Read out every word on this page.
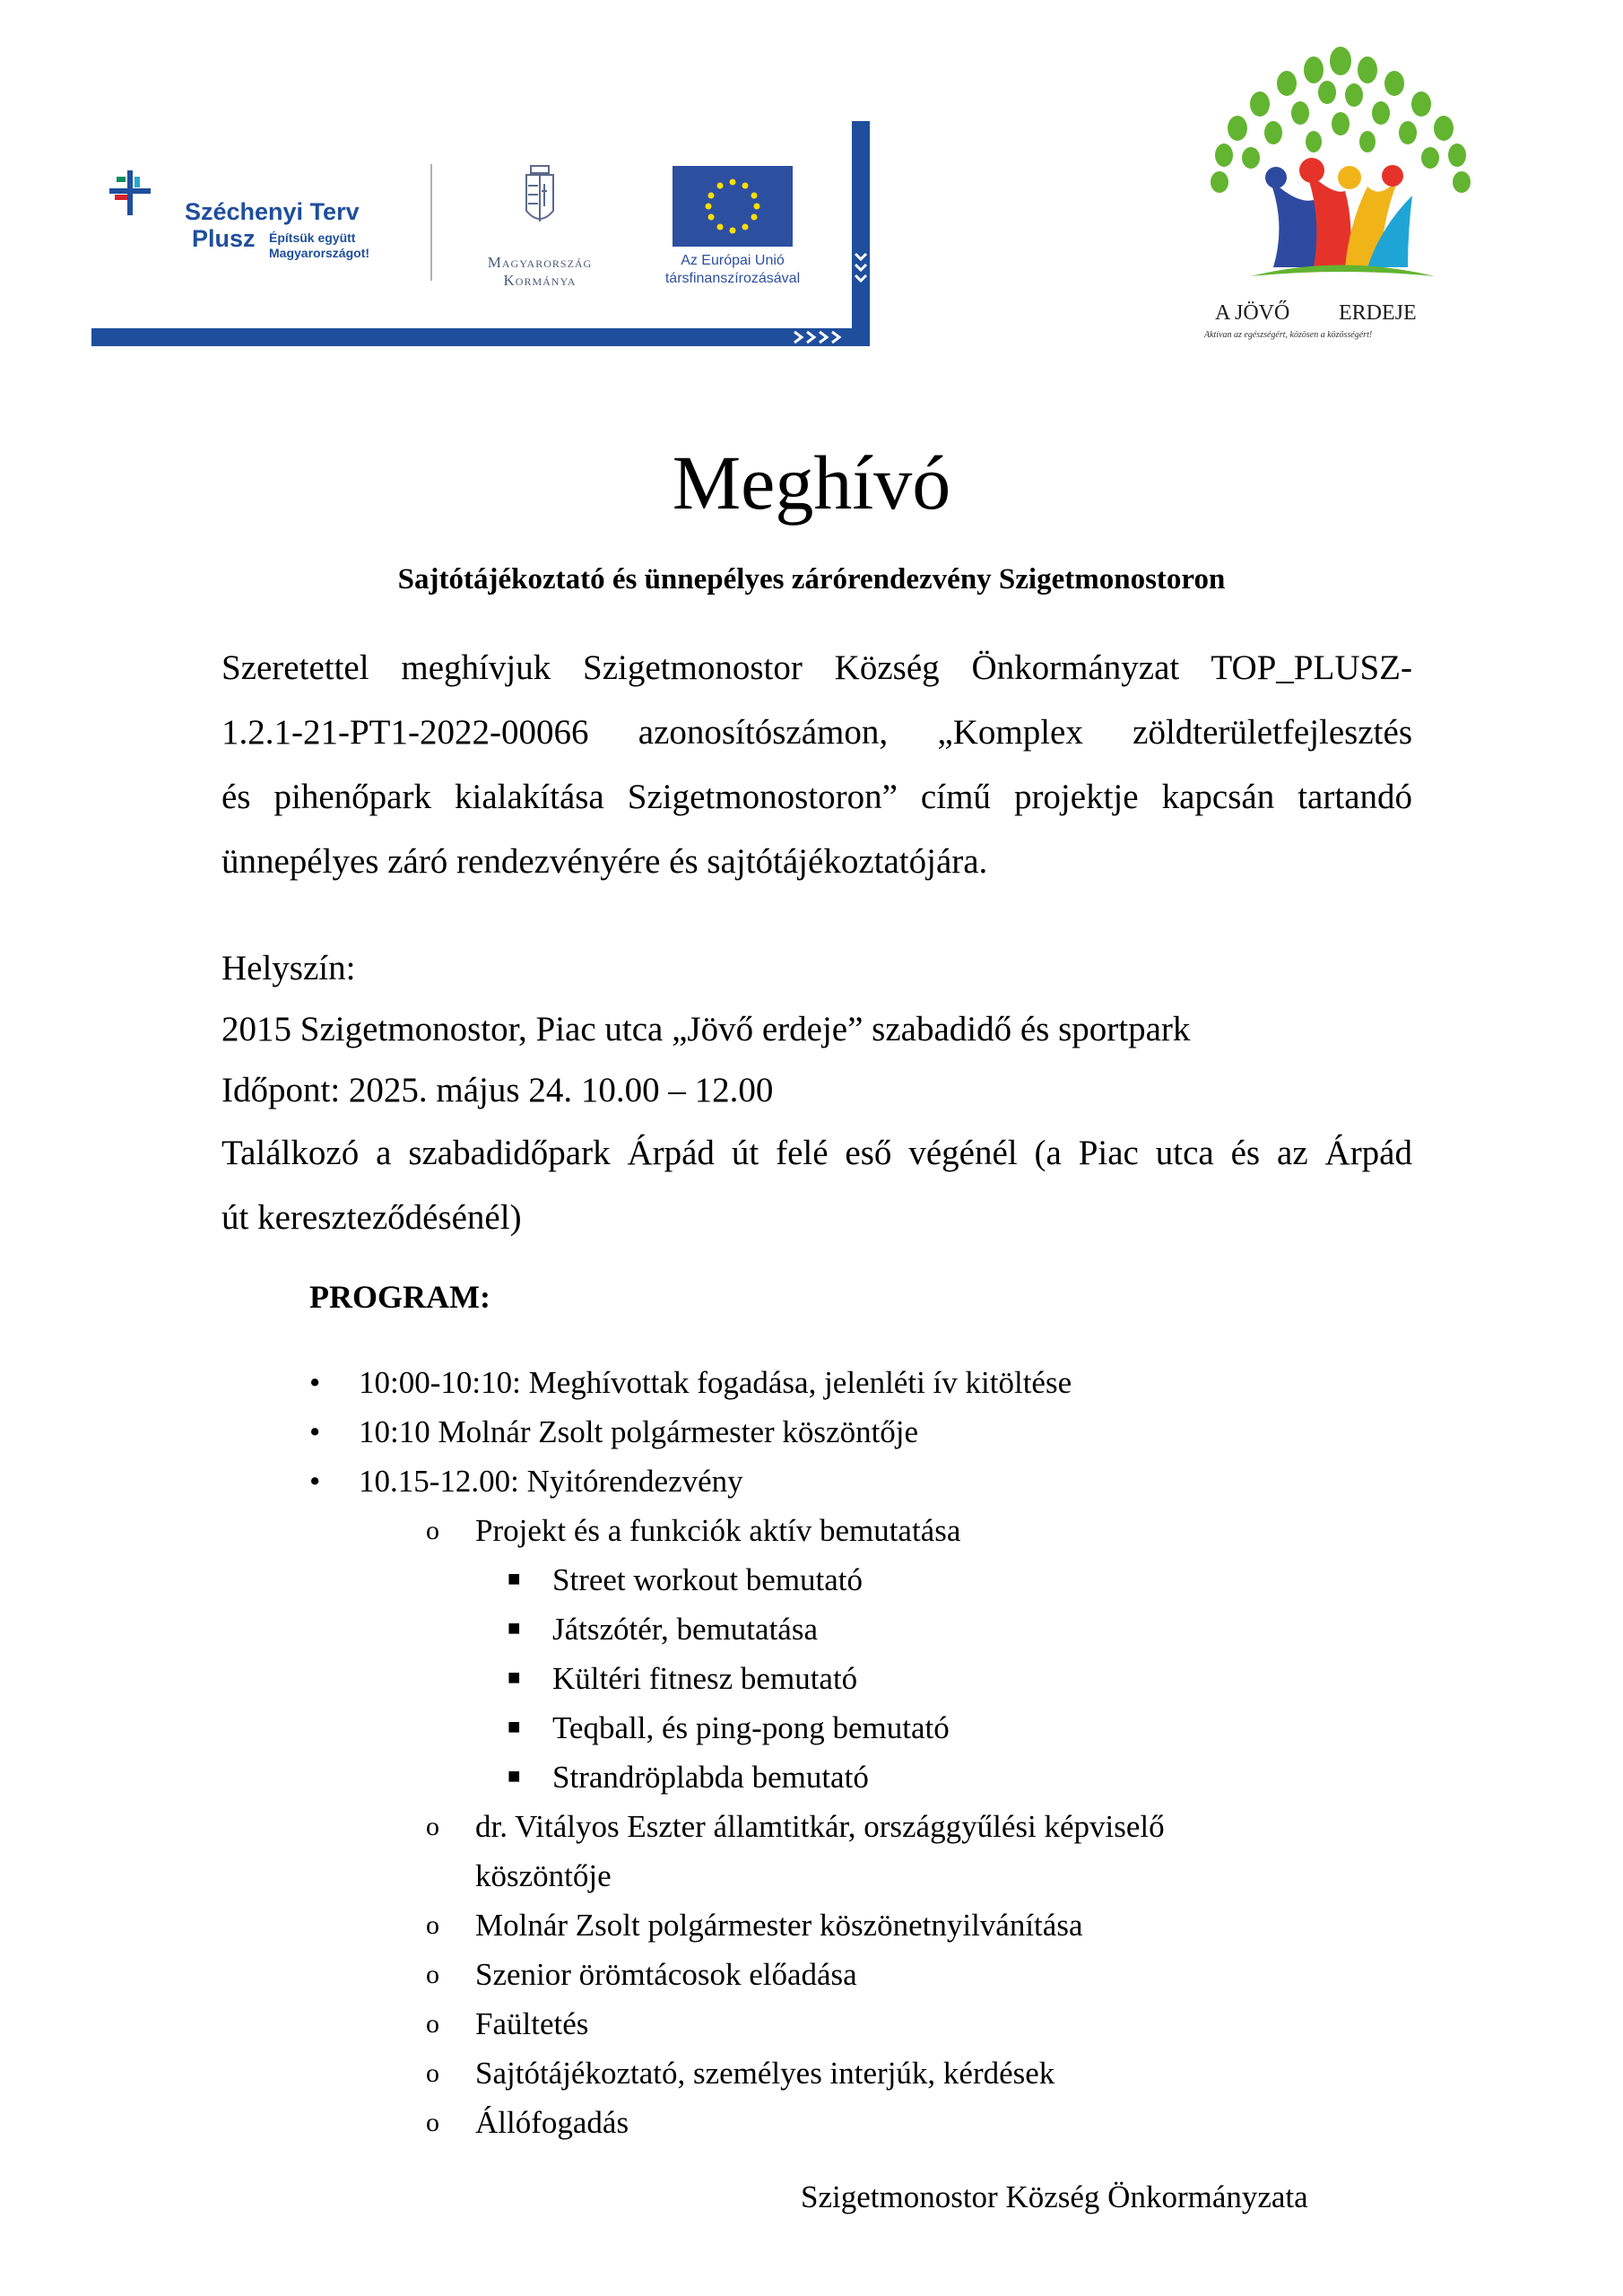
Széchenyi Terv
Plusz Építsük együtt
Magyarországot!
Magyarország
Kormánya
Az Európai Unió
társfinanszírozásával
A JÖVŐ ERDEJE
Aktívan az egészségért, közösen a közösségért!
Meghívó
Sajtótájékoztató és ünnepélyes zárórendezvény Szigetmonostoron
Szeretettel meghívjuk Szigetmonostor Község Önkormányzat TOP_PLUSZ-
1.2.1-21-PT1-2022-00066 azonosítószámon, „Komplex zöldterületfejlesztés
és pihenőpark kialakítása Szigetmonostoron” című projektje kapcsán tartandó
ünnepélyes záró rendezvényére és sajtótájékoztatójára.
Helyszín:
2015 Szigetmonostor, Piac utca „Jövő erdeje” szabadidő és sportpark
Időpont: 2025. május 24. 10.00 – 12.00
Találkozó a szabadidőpark Árpád út felé eső végénél (a Piac utca és az Árpád
út kereszteződésénél)
PROGRAM:
• 10:00-10:10: Meghívottak fogadása, jelenléti ív kitöltése
• 10:10 Molnár Zsolt polgármester köszöntője
• 10.15-12.00: Nyitórendezvény
o Projekt és a funkciók aktív bemutatása
■ Street workout bemutató
■ Játszótér, bemutatása
■ Kültéri fitnesz bemutató
■ Teqball, és ping-pong bemutató
■ Strandröplabda bemutató
o dr. Vitályos Eszter államtitkár, országgyűlési képviselő
köszöntője
o Molnár Zsolt polgármester köszönetnyilvánítása
o Szenior örömtácosok előadása
o Faültetés
o Sajtótájékoztató, személyes interjúk, kérdések
o Állófogadás
Szigetmonostor Község Önkormányzata
